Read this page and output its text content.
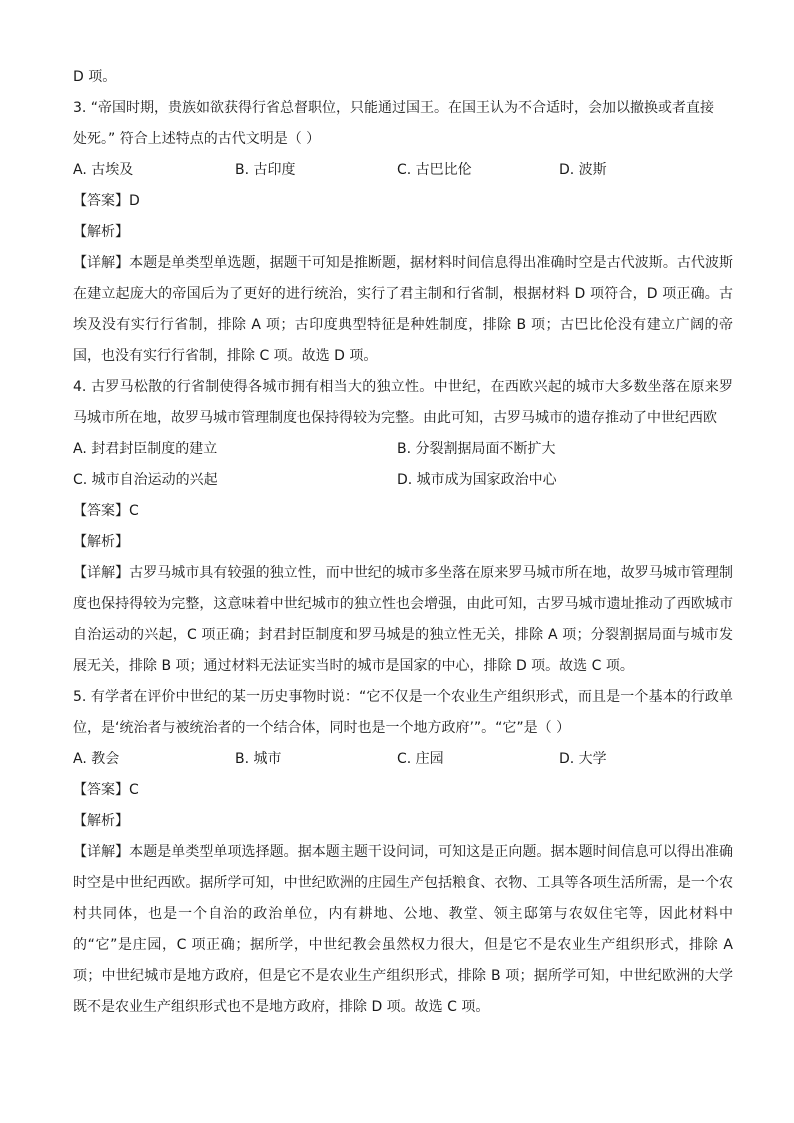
D 项。
3. “帝国时期，贵族如欲获得行省总督职位，只能通过国王。在国王认为不合适时，会加以撤换或者直接
处死。” 符合上述特点的古代文明是（ ）
A. 古埃及	B. 古印度	C. 古巴比伦	D. 波斯
【答案】D
【解析】
【详解】本题是单类型单选题，据题干可知是推断题，据材料时间信息得出准确时空是古代波斯。古代波斯在建立起庞大的帝国后为了更好的进行统治，实行了君主制和行省制，根据材料 D 项符合，D 项正确。古埃及没有实行行省制，排除 A 项；古印度典型特征是种姓制度，排除 B 项；古巴比伦没有建立广阔的帝国，也没有实行行省制，排除 C 项。故选 D 项。
4. 古罗马松散的行省制使得各城市拥有相当大的独立性。中世纪，在西欧兴起的城市大多数坐落在原来罗马城市所在地，故罗马城市管理制度也保持得较为完整。由此可知，古罗马城市的遗存推动了中世纪西欧
A. 封君封臣制度的建立	B. 分裂割据局面不断扩大
C. 城市自治运动的兴起	D. 城市成为国家政治中心
【答案】C
【解析】
【详解】古罗马城市具有较强的独立性，而中世纪的城市多坐落在原来罗马城市所在地，故罗马城市管理制度也保持得较为完整，这意味着中世纪城市的独立性也会增强，由此可知，古罗马城市遗址推动了西欧城市自治运动的兴起，C 项正确；封君封臣制度和罗马城是的独立性无关，排除 A 项；分裂割据局面与城市发展无关，排除 B 项；通过材料无法证实当时的城市是国家的中心，排除 D 项。故选 C 项。
5. 有学者在评价中世纪的某一历史事物时说：“它不仅是一个农业生产组织形式，而且是一个基本的行政单位，是‘统治者与被统治者的一个结合体，同时也是一个地方政府’”。“它”是（ ）
A. 教会	B. 城市	C. 庄园	D. 大学
【答案】C
【解析】
【详解】本题是单类型单项选择题。据本题主题干设问词，可知这是正向题。据本题时间信息可以得出准确时空是中世纪西欧。据所学可知，中世纪欧洲的庄园生产包括粮食、衣物、工具等各项生活所需，是一个农村共同体，也是一个自治的政治单位，内有耕地、公地、教堂、领主邸第与农奴住宅等，因此材料中的“它”是庄园，C 项正确；据所学，中世纪教会虽然权力很大，但是它不是农业生产组织形式，排除 A 项；中世纪城市是地方政府，但是它不是农业生产组织形式，排除 B 项；据所学可知，中世纪欧洲的大学既不是农业生产组织形式也不是地方政府，排除 D 项。故选 C 项。
